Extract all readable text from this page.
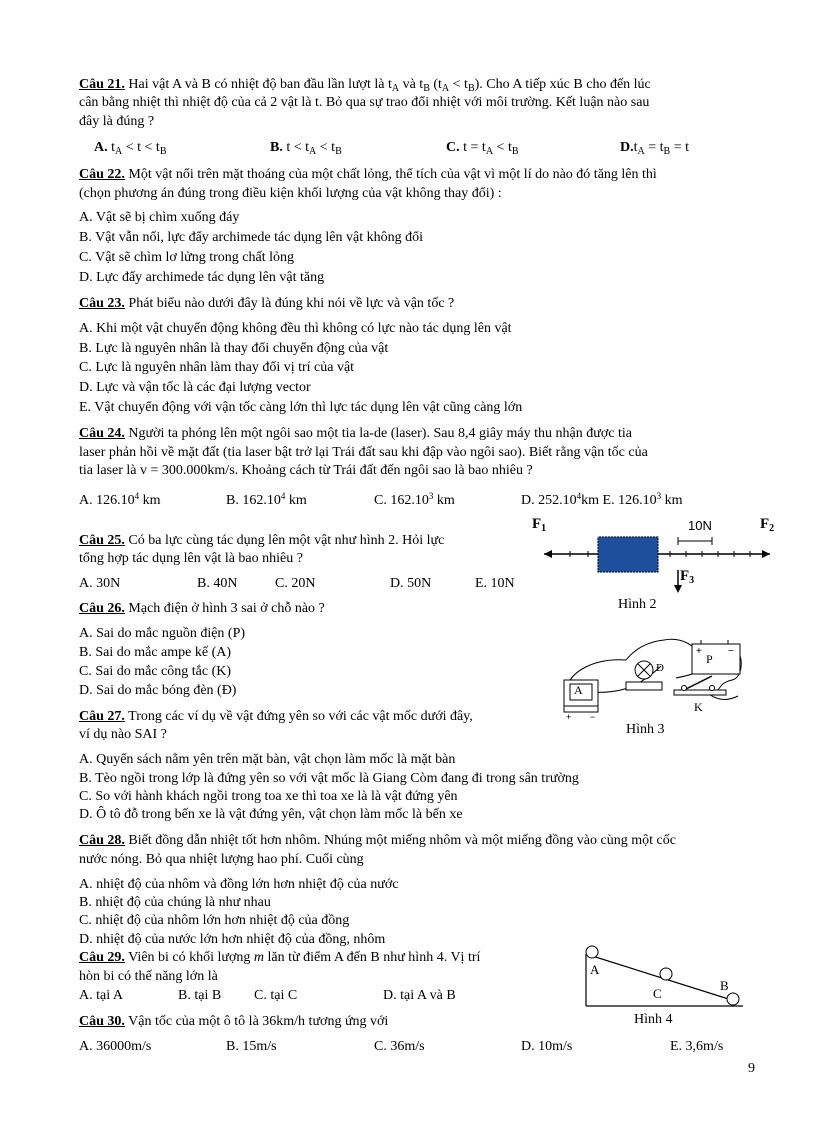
Câu 21. Hai vật A và B có nhiệt độ ban đầu lần lượt là $t_A$ và $t_B$ $(t_A < t_B)$. Cho A tiếp xúc B cho đến lúc
cân bằng nhiệt thì nhiệt độ của cả 2 vật là t. Bỏ qua sự trao đổi nhiệt với môi trường. Kết luận nào sau
đây là đúng ?
A. $t_A < t < t_B$	B. $t < t_A < t_B$	C. $t = t_A < t_B$	$D.t_A = t_B = t$
Câu 22. Một vật nổi trên mặt thoáng của một chất lỏng, thể tích của vật vì một lí do nào đó tăng lên thì
(chọn phương án đúng trong điều kiện khối lượng của vật không thay đổi) :
A. Vật sẽ bị chìm xuống đáy
B. Vật vẫn nổi, lực đẩy archimede tác dụng lên vật không đổi
C. Vật sẽ chìm lơ lửng trong chất lỏng
D. Lực đẩy archimede tác dụng lên vật tăng
Câu 23. Phát biểu nào dưới đây là đúng khi nói về lực và vận tốc ?
A. Khi một vật chuyển động không đều thì không có lực nào tác dụng lên vật
B. Lực là nguyên nhân là thay đổi chuyển động của vật
C. Lực là nguyên nhân làm thay đổi vị trí của vật
D. Lực và vận tốc là các đại lượng vector
E. Vật chuyển động với vận tốc càng lớn thì lực tác dụng lên vật cũng càng lớn
Câu 24. Người ta phóng lên một ngôi sao một tia la-de (laser). Sau 8,4 giây máy thu nhận được tia
laser phản hồi về mặt đất (tia laser bật trở lại Trái đất sau khi đập vào ngôi sao). Biết rằng vận tốc của
tia laser là v = 300.000km/s. Khoảng cách từ Trái đất đến ngôi sao là bao nhiêu ?
A. 126.10$^4$ km	B. 162.10$^4$ km	C. 162.10$^3$ km	D. 252.10$^4$km E. 126.10$^3$ km
Câu 25. Có ba lực cùng tác dụng lên một vật như hình 2. Hỏi lực
tổng hợp tác dụng lên vật là bao nhiêu ?
A. 30N	B. 40N	C. 20N	D. 50N	E. 10N
10N
$F_1$	$F_2$
$F_3$
Hình 2
Câu 26. Mạch điện ở hình 3 sai ở chỗ nào ?
A. Sai do mắc nguồn điện (P)
B. Sai do mắc ampe kế (A)
C. Sai do mắc công tắc (K)
D. Sai do mắc bóng đèn (Đ)
+ −
+	−
A
P
Đ
K
Hình 3
Câu 27. Trong các ví dụ về vật đứng yên so với các vật mốc dưới đây,
ví dụ nào SAI ?
A. Quyển sách nằm yên trên mặt bàn, vật chọn làm mốc là mặt bàn
B. Tèo ngồi trong lớp là đứng yên so với vật mốc là Giang Còm đang đi trong sân trường
C. So với hành khách ngồi trong toa xe thì toa xe là là vật đứng yên
D. Ô tô đỗ trong bến xe là vật đứng yên, vật chọn làm mốc là bến xe
Câu 28. Biết đồng dẫn nhiệt tốt hơn nhôm. Nhúng một miếng nhôm và một miếng đồng vào cùng một cốc
nước nóng. Bỏ qua nhiệt lượng hao phí. Cuối cùng
A. nhiệt độ của nhôm và đồng lớn hơn nhiệt độ của nước
B. nhiệt độ của chúng là như nhau
C. nhiệt độ của nhôm lớn hơn nhiệt độ của đồng
D. nhiệt độ của nước lớn hơn nhiệt độ của đồng, nhôm
Câu 29. Viên bi có khối lượng m lăn từ điểm A đến B như hình 4. Vị trí
hòn bi có thế năng lớn là
A. tại A	B. tại B C. tại C	D. tại A và B
A
C
B
Hình 4
Câu 30. Vận tốc của một ô tô là 36km/h tương ứng với
A. 36000m/s	B. 15m/s	C. 36m/s	D. 10m/s	E. 3,6m/s
9
